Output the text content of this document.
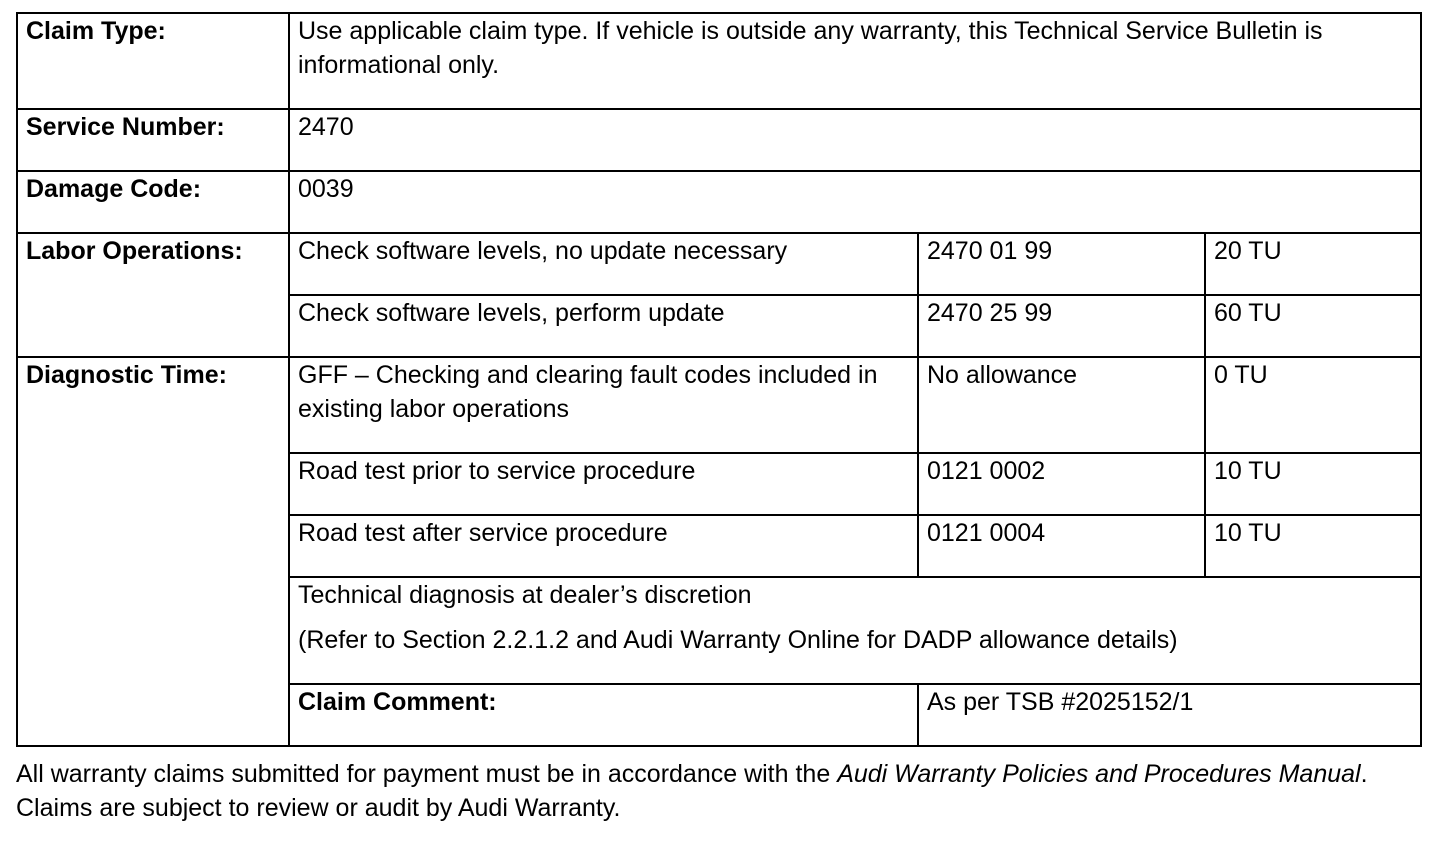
Claim Type:	Use applicable claim type. If vehicle is outside any warranty, this Technical Service Bulletin is informational only.		
Service Number:	2470		
Damage Code:	0039		
Labor Operations:	Check software levels, no update necessary	2470 01 99	20 TU
	Check software levels, perform update	2470 25 99	60 TU
Diagnostic Time:	GFF – Checking and clearing fault codes included in existing labor operations	No allowance	0 TU
	Road test prior to service procedure	0121 0002	10 TU
	Road test after service procedure	0121 0004	10 TU

	Technical diagnosis at dealer’s discretion
(Refer to Section 2.2.1.2 and Audi Warranty Online for DADP allowance details)		

	Claim Comment:	As per TSB #2025152/1	

All warranty claims submitted for payment must be in accordance with the Audi Warranty Policies and Procedures Manual. Claims are subject to review or audit by Audi Warranty.
